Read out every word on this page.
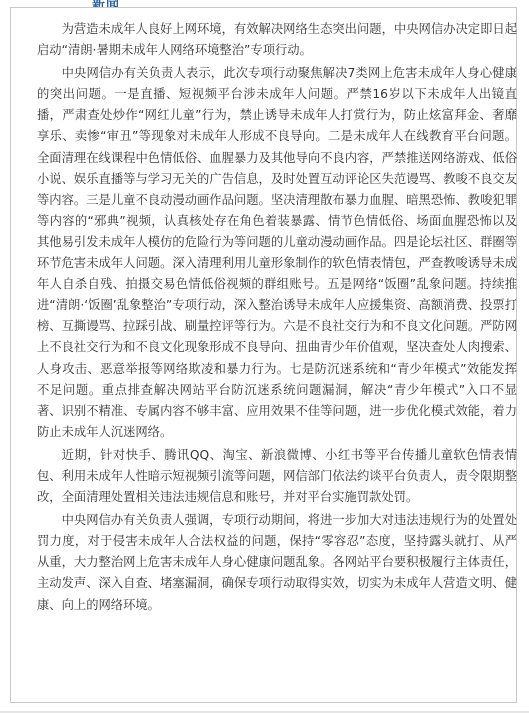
为营造未成年人良好上网环境，有效解决网络生态突出问题，中央网信办决定即日起启动“清朗·暑期未成年人网络环境整治”专项行动。

中央网信办有关负责人表示，此次专项行动聚焦解决7类网上危害未成年人身心健康的突出问题。一是直播、短视频平台涉未成年人问题。严禁16岁以下未成年人出镜直播，严肃查处炒作“网红儿童”行为，禁止诱导未成年人打赏行为，防止炫富拜金、奢靡享乐、卖惨“审丑”等现象对未成年人形成不良导向。二是未成年人在线教育平台问题。全面清理在线课程中色情低俗、血腥暴力及其他导向不良内容，严禁推送网络游戏、低俗小说、娱乐直播等与学习无关的广告信息，及时处置互动评论区失范谩骂、教唆不良交友等内容。三是儿童不良动漫动画作品问题。坚决清理散布暴力血腥、暗黑恐怖、教唆犯罪等内容的“邪典”视频，认真核处存在角色着装暴露、情节色情低俗、场面血腥恐怖以及其他易引发未成年人模仿的危险行为等问题的儿童动漫动画作品。四是论坛社区、群圈等环节危害未成年人问题。深入清理利用儿童形象制作的软色情表情包，严查教唆诱导未成年人自杀自残、拍摄交易色情低俗视频的群组账号。五是网络“饭圈”乱象问题。持续推进“清朗·‘饭圈’乱象整治”专项行动，深入整治诱导未成年人应援集资、高额消费、投票打榜、互撕谩骂、拉踩引战、刷量控评等行为。六是不良社交行为和不良文化问题。严防网上不良社交行为和不良文化现象形成不良导向、扭曲青少年价值观，坚决查处人肉搜索、人身攻击、恶意举报等网络欺凌和暴力行为。七是防沉迷系统和“青少年模式”效能发挥不足问题。重点排查解决网站平台防沉迷系统问题漏洞，解决“青少年模式”入口不显著、识别不精准、专属内容不够丰富、应用效果不佳等问题，进一步优化模式效能，着力防止未成年人沉迷网络。

近期，针对快手、腾讯QQ、淘宝、新浪微博、小红书等平台传播儿童软色情表情包、利用未成年人性暗示短视频引流等问题，网信部门依法约谈平台负责人，责令限期整改，全面清理处置相关违法违规信息和账号，并对平台实施罚款处罚。

中央网信办有关负责人强调，专项行动期间，将进一步加大对违法违规行为的处置处罚力度，对于侵害未成年人合法权益的问题，保持“零容忍”态度，坚持露头就打、从严从重，大力整治网上危害未成年人身心健康问题乱象。各网站平台要积极履行主体责任，主动发声、深入自查、堵塞漏洞，确保专项行动取得实效，切实为未成年人营造文明、健康、向上的网络环境。
